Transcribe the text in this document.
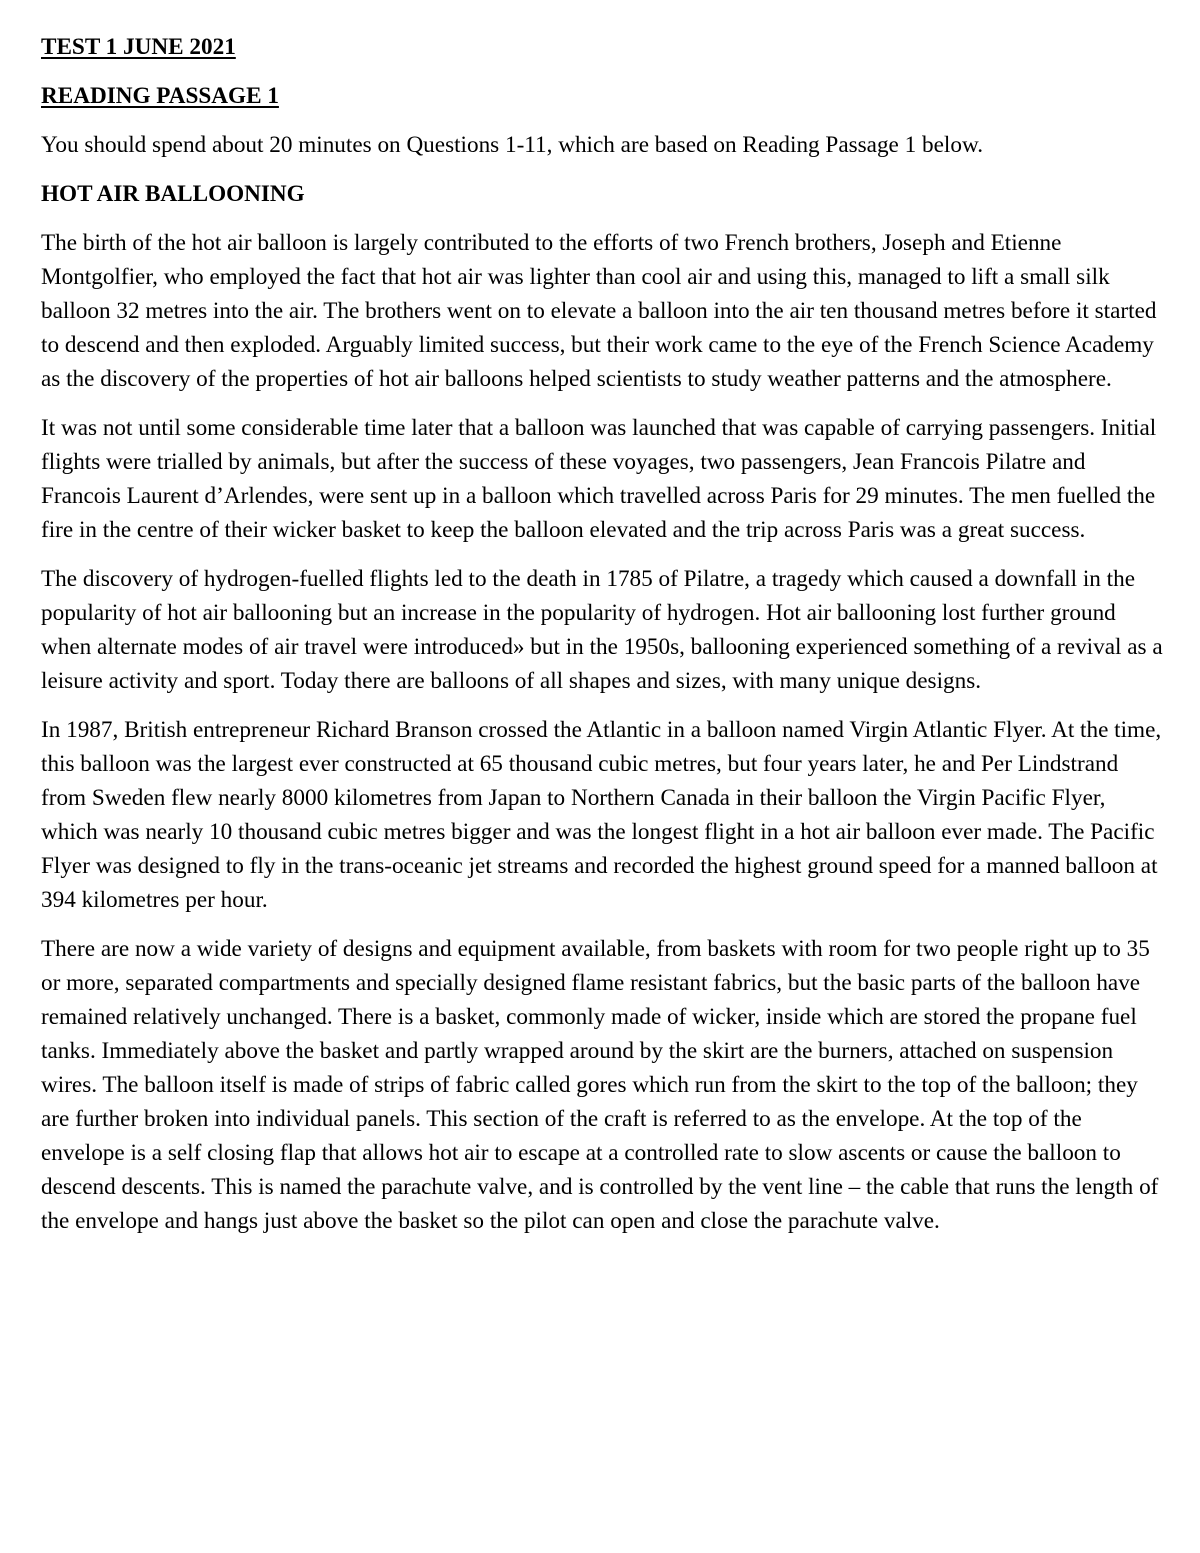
TEST 1 JUNE 2021
READING PASSAGE 1
You should spend about 20 minutes on Questions 1-11, which are based on Reading Passage 1 below.
HOT AIR BALLOONING

The birth of the hot air balloon is largely contributed to the efforts of two French brothers, Joseph and Etienne Montgolfier, who employed the fact that hot air was lighter than cool air and using this, managed to lift a small silk balloon 32 metres into the air. The brothers went on to elevate a balloon into the air ten thousand metres before it started to descend and then exploded. Arguably limited success, but their work came to the eye of the French Science Academy as the discovery of the properties of hot air balloons helped scientists to study weather patterns and the atmosphere.

It was not until some considerable time later that a balloon was launched that was capable of carrying passengers. Initial flights were trialled by animals, but after the success of these voyages, two passengers, Jean Francois Pilatre and Francois Laurent d’Arlendes, were sent up in a balloon which travelled across Paris for 29 minutes. The men fuelled the fire in the centre of their wicker basket to keep the balloon elevated and the trip across Paris was a great success.

The discovery of hydrogen-fuelled flights led to the death in 1785 of Pilatre, a tragedy which caused a downfall in the popularity of hot air ballooning but an increase in the popularity of hydrogen. Hot air ballooning lost further ground when alternate modes of air travel were introduced» but in the 1950s, ballooning experienced something of a revival as a leisure activity and sport. Today there are balloons of all shapes and sizes, with many unique designs.

In 1987, British entrepreneur Richard Branson crossed the Atlantic in a balloon named Virgin Atlantic Flyer. At the time, this balloon was the largest ever constructed at 65 thousand cubic metres, but four years later, he and Per Lindstrand from Sweden flew nearly 8000 kilometres from Japan to Northern Canada in their balloon the Virgin Pacific Flyer, which was nearly 10 thousand cubic metres bigger and was the longest flight in a hot air balloon ever made. The Pacific Flyer was designed to fly in the trans-oceanic jet streams and recorded the highest ground speed for a manned balloon at 394 kilometres per hour.

There are now a wide variety of designs and equipment available, from baskets with room for two people right up to 35 or more, separated compartments and specially designed flame resistant fabrics, but the basic parts of the balloon have remained relatively unchanged. There is a basket, commonly made of wicker, inside which are stored the propane fuel tanks. Immediately above the basket and partly wrapped around by the skirt are the burners, attached on suspension wires. The balloon itself is made of strips of fabric called gores which run from the skirt to the top of the balloon; they are further broken into individual panels. This section of the craft is referred to as the envelope. At the top of the envelope is a self closing flap that allows hot air to escape at a controlled rate to slow ascents or cause the balloon to descend descents. This is named the parachute valve, and is controlled by the vent line – the cable that runs the length of the envelope and hangs just above the basket so the pilot can open and close the parachute valve.
